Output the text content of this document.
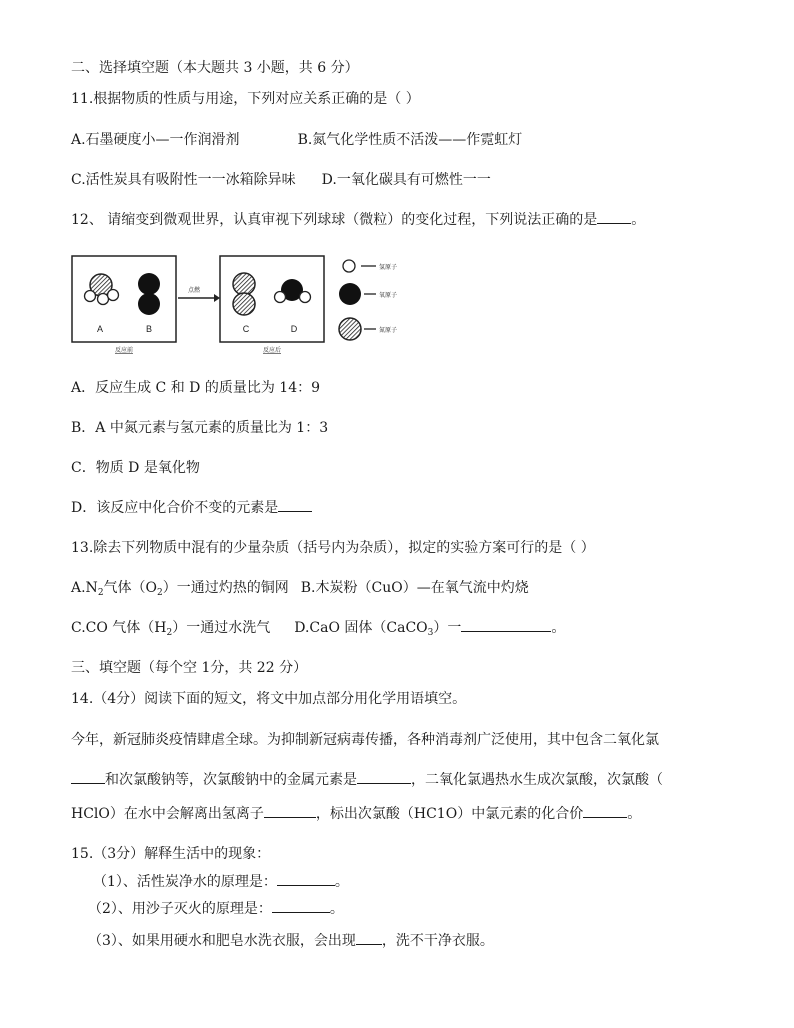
二、选择填空题（本大题共 3 小题，共 6 分）
11.根据物质的性质与用途，下列对应关系正确的是（ ）
A.石墨硬度小—一作润滑剂	B.氮气化学性质不活泼——作霓虹灯
C.活性炭具有吸附性一一冰箱除异味 D.一氧化碳具有可燃性一一
12、 请缩变到微观世界，认真审视下列球球（微粒）的变化过程，下列说法正确的是 。
A	B
反应前
点燃
C	D
反应后
氢原子
氧原子
氮原子
A．反应生成 C 和 D 的质量比为 14：9
B．A 中氮元素与氢元素的质量比为 1：3
C．物质 D 是氧化物
D．该反应中化合价不变的元素是
13.除去下列物质中混有的少量杂质（括号内为杂质），拟定的实验方案可行的是（ ）
$A.N_2$气体$(O_2)$一通过灼热的铜网 B.木炭粉（CuO）—在氧气流中灼烧
C.CO 气体$(H_2)$一通过水洗气 D.CaO 固体（CaCO$_3$）一	。
三、填空题（每个空 1分，共 22 分）
14.（4分）阅读下面的短文，将文中加点部分用化学用语填空。
今年，新冠肺炎疫情肆虐全球。为抑制新冠病毒传播，各种消毒剂广泛使用，其中包含二氧化氯
和次氯酸钠等，次氯酸钠中的金属元素是	，二氧化氯遇热水生成次氯酸，次氯酸（
HClO）在水中会解离出氢离子	，标出次氯酸（HC1O）中氯元素的化合价	。
15.（3分）解释生活中的现象：
（1）、活性炭净水的原理是：	。
（2）、用沙子灭火的原理是：	。
（3）、如果用硬水和肥皂水洗衣服，会出现 ，洗不干净衣服。
